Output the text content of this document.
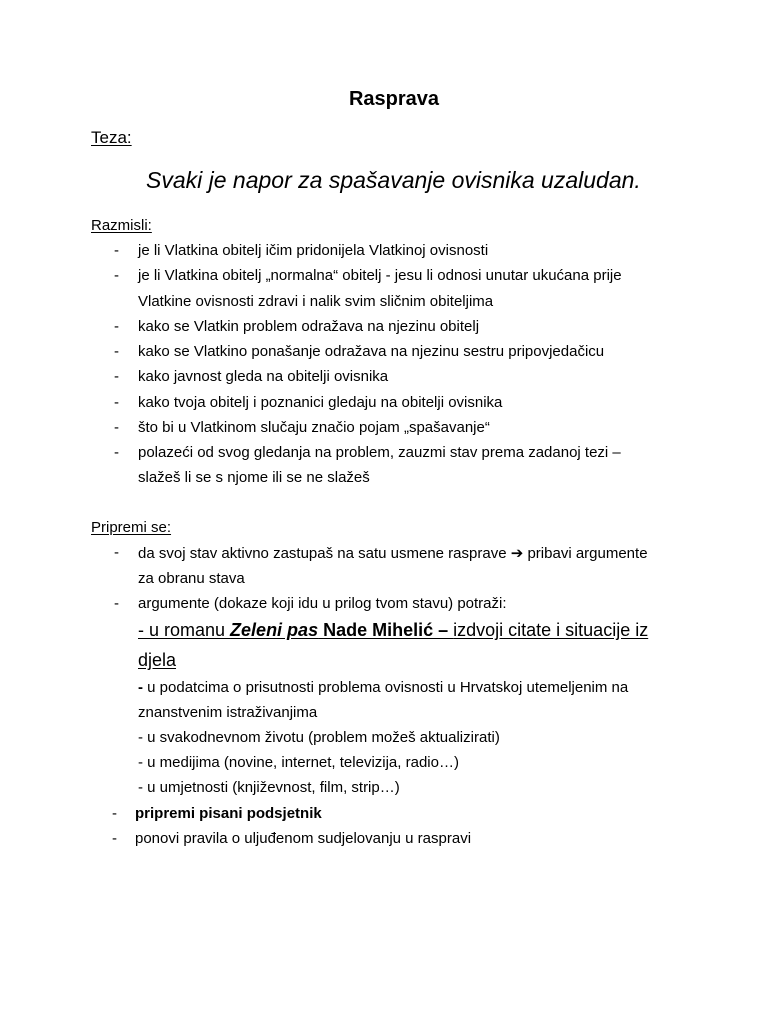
Rasprava
Teza:
Svaki je napor za spašavanje ovisnika uzaludan.
Razmisli:
- je li Vlatkina obitelj ičim pridonijela Vlatkinoj ovisnosti
- je li Vlatkina obitelj „normalna“ obitelj - jesu li odnosi unutar ukućana prije
Vlatkine ovisnosti zdravi i nalik svim sličnim obiteljima
- kako se Vlatkin problem odražava na njezinu obitelj
- kako se Vlatkino ponašanje odražava na njezinu sestru pripovjedačicu
- kako javnost gleda na obitelji ovisnika
- kako tvoja obitelj i poznanici gledaju na obitelji ovisnika
- što bi u Vlatkinom slučaju značio pojam „spašavanje“
- polazeći od svog gledanja na problem, zauzmi stav prema zadanoj tezi –
slažeš li se s njome ili se ne slažeš
Pripremi se:
- da svoj stav aktivno zastupaš na satu usmene rasprave ➔ pribavi argumente
za obranu stava
- argumente (dokaze koji idu u prilog tvom stavu) potraži:
- u romanu Zeleni pas Nade Mihelić – izdvoji citate i situacije iz
djela
- u podatcima o prisutnosti problema ovisnosti u Hrvatskoj utemeljenim na
znanstvenim istraživanjima
- u svakodnevnom životu (problem možeš aktualizirati)
- u medijima (novine, internet, televizija, radio…)
- u umjetnosti (književnost, film, strip…)
- pripremi pisani podsjetnik
- ponovi pravila o uljuđenom sudjelovanju u raspravi
